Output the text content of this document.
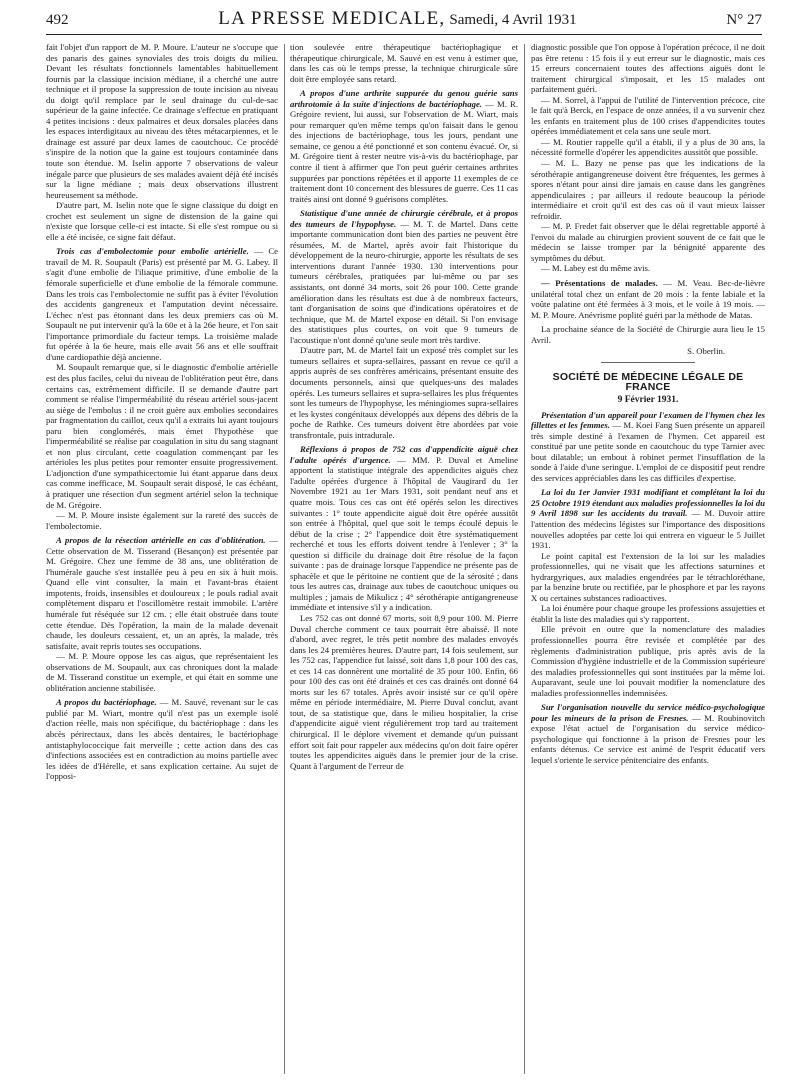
492	LA PRESSE MEDICALE, Samedi, 4 Avril 1931	N° 27

fait l'objet d'un rapport de M. P. Moure. L'auteur ne s'occupe que des panaris des gaines synoviales des trois doigts du milieu. Devant les résultats fonctionnels lamentables habituellement fournis par la classique incision médiane, il a cherché une autre technique et il propose la suppression de toute incision au niveau du doigt qu'il remplace par le seul drainage du cul-de-sac supérieur de la gaine infectée. Ce drainage s'effectue en pratiquant 4 petites incisions : deux palmaires et deux dorsales placées dans les espaces interdigitaux au niveau des têtes métacarpiennes, et le drainage est assuré par deux lames de caoutchouc. Ce procédé s'inspire de la notion que la gaine est toujours contaminée dans toute son étendue. M. Iselin apporte 7 observations de valeur inégale parce que plusieurs de ses malades avaient déjà été incisés sur la ligne médiane ; mais deux observations illustrent heureusement sa méthode.

D'autre part, M. Iselin note que le signe classique du doigt en crochet est seulement un signe de distension de la gaine qui n'existe que lorsque celle-ci est intacte. Si elle s'est rompue ou si elle a été incisée, ce signe fait défaut.

Trois cas d'embolectomie pour embolie artérielle. — Ce travail de M. R. Soupault (Paris) est présenté par M. G. Labey. Il s'agit d'une embolie de l'iliaque primitive, d'une embolie de la fémorale superficielle et d'une embolie de la fémorale commune. Dans les trois cas l'embolectomie ne suffit pas à éviter l'évolution des accidents gangreneux et l'amputation devint nécessaire. L'échec n'est pas étonnant dans les deux premiers cas où M. Soupault ne put intervenir qu'à la 60e et à la 26e heure, et l'on sait l'importance primordiale du facteur temps. La troisième malade fut opérée à la 6e heure, mais elle avait 56 ans et elle souffrait d'une cardiopathie déjà ancienne.

M. Soupault remarque que, si le diagnostic d'embolie artérielle est des plus faciles, celui du niveau de l'oblitération peut être, dans certains cas, extrêmement difficile. Il se demande d'autre part comment se réalise l'imperméabilité du réseau artériel sous-jacent au siège de l'embolus : il ne croit guère aux embolies secondaires par fragmentation du caillot, ceux qu'il a extraits lui ayant toujours paru bien conglomérés, mais émet l'hypothèse que l'imperméabilité se réalise par coagulation in situ du sang stagnant et non plus circulant, cette coagulation commençant par les artérioles les plus petites pour remonter ensuite progressivement. L'adjonction d'une sympathicectomie lui étant apparue dans deux cas comme inefficace, M. Soupault serait disposé, le cas échéant, à pratiquer une résection d'un segment artériel selon la technique de M. Grégoire.

— M. P. Moure insiste également sur la rareté des succès de l'embolectomie.

A propos de la résection artérielle en cas d'oblitération. — Cette observation de M. Tisserand (Besançon) est présentée par M. Grégoire. Chez une femme de 38 ans, une oblitération de l'humérale gauche s'est installée peu à peu en six à huit mois. Quand elle vint consulter, la main et l'avant-bras étaient impotents, froids, insensibles et douloureux ; le pouls radial avait complètement disparu et l'oscillomètre restait immobile. L'artère humérale fut réséquée sur 12 cm. ; elle était obstruée dans toute cette étendue. Dès l'opération, la main de la malade devenait chaude, les douleurs cessaient, et, un an après, la malade, très satisfaite, avait repris toutes ses occupations.

— M. P. Moure oppose les cas aigus, que représentaient les observations de M. Soupault, aux cas chroniques dont la malade de M. Tisserand constitue un exemple, et qui était en somme une oblitération ancienne stabilisée.

A propos du bactériophage. — M. Sauvé, revenant sur le cas publié par M. Wiart, montre qu'il n'est pas un exemple isolé d'action réelle, mais non spécifique, du bactériophage : dans les abcès périrectaux, dans les abcès dentaires, le bactériophage antistaphylococcique fait merveille ; cette action dans des cas d'infections associées est en contradiction au moins partielle avec les idées de d'Hérelle, et sans explication certaine. Au sujet de l'opposi-

tion soulevée entre thérapeutique bactériophagique et thérapeutique chirurgicale, M. Sauvé en est venu à estimer que, dans les cas où le temps presse, la technique chirurgicale sûre doit être employée sans retard.

A propos d'une arthrite suppurée du genou guérie sans arthrotomie à la suite d'injections de bactériophage. — M. R. Grégoire revient, lui aussi, sur l'observation de M. Wiart, mais pour remarquer qu'en même temps qu'on faisait dans le genou des injections de bactériophage, tous les jours, pendant une semaine, ce genou a été ponctionné et son contenu évacué. Or, si M. Grégoire tient à rester neutre vis-à-vis du bactériophage, par contre il tient à affirmer que l'on peut guérir certaines arthrites suppurées par ponctions répétées et il apporte 11 exemples de ce traitement dont 10 concernent des blessures de guerre. Ces 11 cas traités ainsi ont donné 9 guérisons complètes.

Statistique d'une année de chirurgie cérébrale, et à propos des tumeurs de l'hypophyse. — M. T. de Martel. Dans cette importante communication dont bien des parties ne peuvent être résumées, M. de Martel, après avoir fait l'historique du développement de la neuro-chirurgie, apporte les résultats de ses interventions durant l'année 1930. 130 interventions pour tumeurs cérébrales, pratiquées par lui-même ou par ses assistants, ont donné 34 morts, soit 26 pour 100. Cette grande amélioration dans les résultats est due à de nombreux facteurs, tant d'organisation de soins que d'indications opératoires et de technique, que M. de Martel expose en détail. Si l'on envisage des statistiques plus courtes, on voit que 9 tumeurs de l'acoustique n'ont donné qu'une seule mort très tardive.

D'autre part, M. de Martel fait un exposé très complet sur les tumeurs sellaires et supra-sellaires, passant en revue ce qu'il a appris auprès de ses confrères américains, présentant ensuite des documents personnels, ainsi que quelques-uns des malades opérés. Les tumeurs sellaires et supra-sellaires les plus fréquentes sont les tumeurs de l'hypophyse, les méningiomes supra-sellaires et les kystes congénitaux développés aux dépens des débris de la poche de Rathke. Ces tumeurs doivent être abordées par voie transfrontale, puis intradurale.

Réflexions à propos de 752 cas d'appendicite aiguë chez l'adulte opérés d'urgence. — MM. P. Duval et Ameline apportent la statistique intégrale des appendicites aiguës chez l'adulte opérées d'urgence à l'hôpital de Vaugirard du 1er Novembre 1921 au 1er Mars 1931, soit pendant neuf ans et quatre mois. Tous ces cas ont été opérés selon les directives suivantes : 1° toute appendicite aiguë doit être opérée aussitôt son entrée à l'hôpital, quel que soit le temps écoulé depuis le début de la crise ; 2° l'appendice doit être systématiquement recherché et tous les efforts doivent tendre à l'enlever ; 3° la question si difficile du drainage doit être résolue de la façon suivante : pas de drainage lorsque l'appendice ne présente pas de sphacèle et que le péritoine ne contient que de la sérosité ; dans tous les autres cas, drainage aux tubes de caoutchouc uniques ou multiples ; jamais de Mikulicz ; 4° sérothérapie antigangreneuse immédiate et intensive s'il y a indication.

Les 752 cas ont donné 67 morts, soit 8,9 pour 100. M. Pierre Duval cherche comment ce taux pourrait être abaissé. Il note d'abord, avec regret, le très petit nombre des malades envoyés dans les 24 premières heures. D'autre part, 14 fois seulement, sur les 752 cas, l'appendice fut laissé, soit dans 1,8 pour 100 des cas, et ces 14 cas donnèrent une mortalité de 35 pour 100. Enfin, 66 pour 100 des cas ont été drainés et ces cas drainés ont donné 64 morts sur les 67 totales. Après avoir insisté sur ce qu'il opère même en période intermédiaire, M. Pierre Duval conclut, avant tout, de sa statistique que, dans le milieu hospitalier, la crise d'appendicite aiguë vient régulièrement trop tard au traitement chirurgical. Il le déplore vivement et demande qu'un puissant effort soit fait pour rappeler aux médecins qu'on doit faire opérer toutes les appendicites aiguës dans le premier jour de la crise. Quant à l'argument de l'erreur de

diagnostic possible que l'on oppose à l'opération précoce, il ne doit pas être retenu : 15 fois il y eut erreur sur le diagnostic, mais ces 15 erreurs concernaient toutes des affections aiguës dont le traitement chirurgical s'imposait, et les 15 malades ont parfaitement guéri.

— M. Sorrel, à l'appui de l'utilité de l'intervention précoce, cite le fait qu'à Berck, en l'espace de onze années, il a vu survenir chez les enfants en traitement plus de 100 crises d'appendicites toutes opérées immédiatement et cela sans une seule mort.

— M. Routier rappelle qu'il a établi, il y a plus de 30 ans, la nécessité formelle d'opérer les appendicites aussitôt que possible.

— M. L. Bazy ne pense pas que les indications de la sérothérapie antigangreneuse doivent être fréquentes, les germes à spores n'étant pour ainsi dire jamais en cause dans les gangrènes appendiculaires ; par ailleurs il redoute beaucoup la période intermédiaire et croit qu'il est des cas où il vaut mieux laisser refroidir.

— M. P. Fredet fait observer que le délai regrettable apporté à l'envoi du malade au chirurgien provient souvent de ce fait que le médecin se laisse tromper par la bénignité apparente des symptômes du début.

— M. Labey est du même avis.

— Présentations de malades. — M. Veau. Bec-de-lièvre unilatéral total chez un enfant de 20 mois : la fente labiale et la voûte palatine ont été fermées à 3 mois, et le voile à 19 mois. — M. P. Moure. Anévrisme poplité guéri par la méthode de Matas.

La prochaine séance de la Société de Chirurgie aura lieu le 15 Avril.

S. Oberlin.
SOCIÉTÉ DE MÉDECINE LÉGALE DE FRANCE
9 Février 1931.

Présentation d'un appareil pour l'examen de l'hymen chez les fillettes et les femmes. — M. Koei Fang Suen présente un appareil très simple destiné à l'examen de l'hymen. Cet appareil est constitué par une petite sonde en caoutchouc du type Tarnier avec bout dilatable; un embout à robinet permet l'insufflation de la sonde à l'aide d'une seringue. L'emploi de ce dispositif peut rendre des services appréciables dans les cas difficiles d'expertise.

La loi du 1er Janvier 1931 modifiant et complétant la loi du 25 Octobre 1919 étendant aux maladies professionnelles la loi du 9 Avril 1898 sur les accidents du travail. — M. Duvoir attire l'attention des médecins légistes sur l'importance des dispositions nouvelles adoptées par cette loi qui entrera en vigueur le 5 Juillet 1931.

Le point capital est l'extension de la loi sur les maladies professionnelles, qui ne visait que les affections saturnines et hydrargyriques, aux maladies engendrées par le tétrachloréthane, par la benzine brute ou rectifiée, par le phosphore et par les rayons X ou certaines substances radioactives.

La loi énumère pour chaque groupe les professions assujetties et établit la liste des maladies qui s'y rapportent.

Elle prévoit en outre que la nomenclature des maladies professionnelles pourra être revisée et complétée par des règlements d'administration publique, pris après avis de la Commission d'hygiène industrielle et de la Commission supérieure des maladies professionnelles qui sont instituées par la même loi. Auparavant, seule une loi pouvait modifier la nomenclature des maladies professionnelles indemnisées.

Sur l'organisation nouvelle du service médico-psychologique pour les mineurs de la prison de Fresnes. — M. Roubinovitch expose l'état actuel de l'organisation du service médico-psychologique qui fonctionne à la prison de Fresnes pour les enfants détenus. Ce service est animé de l'esprit éducatif vers lequel s'oriente le service pénitenciaire des enfants.
